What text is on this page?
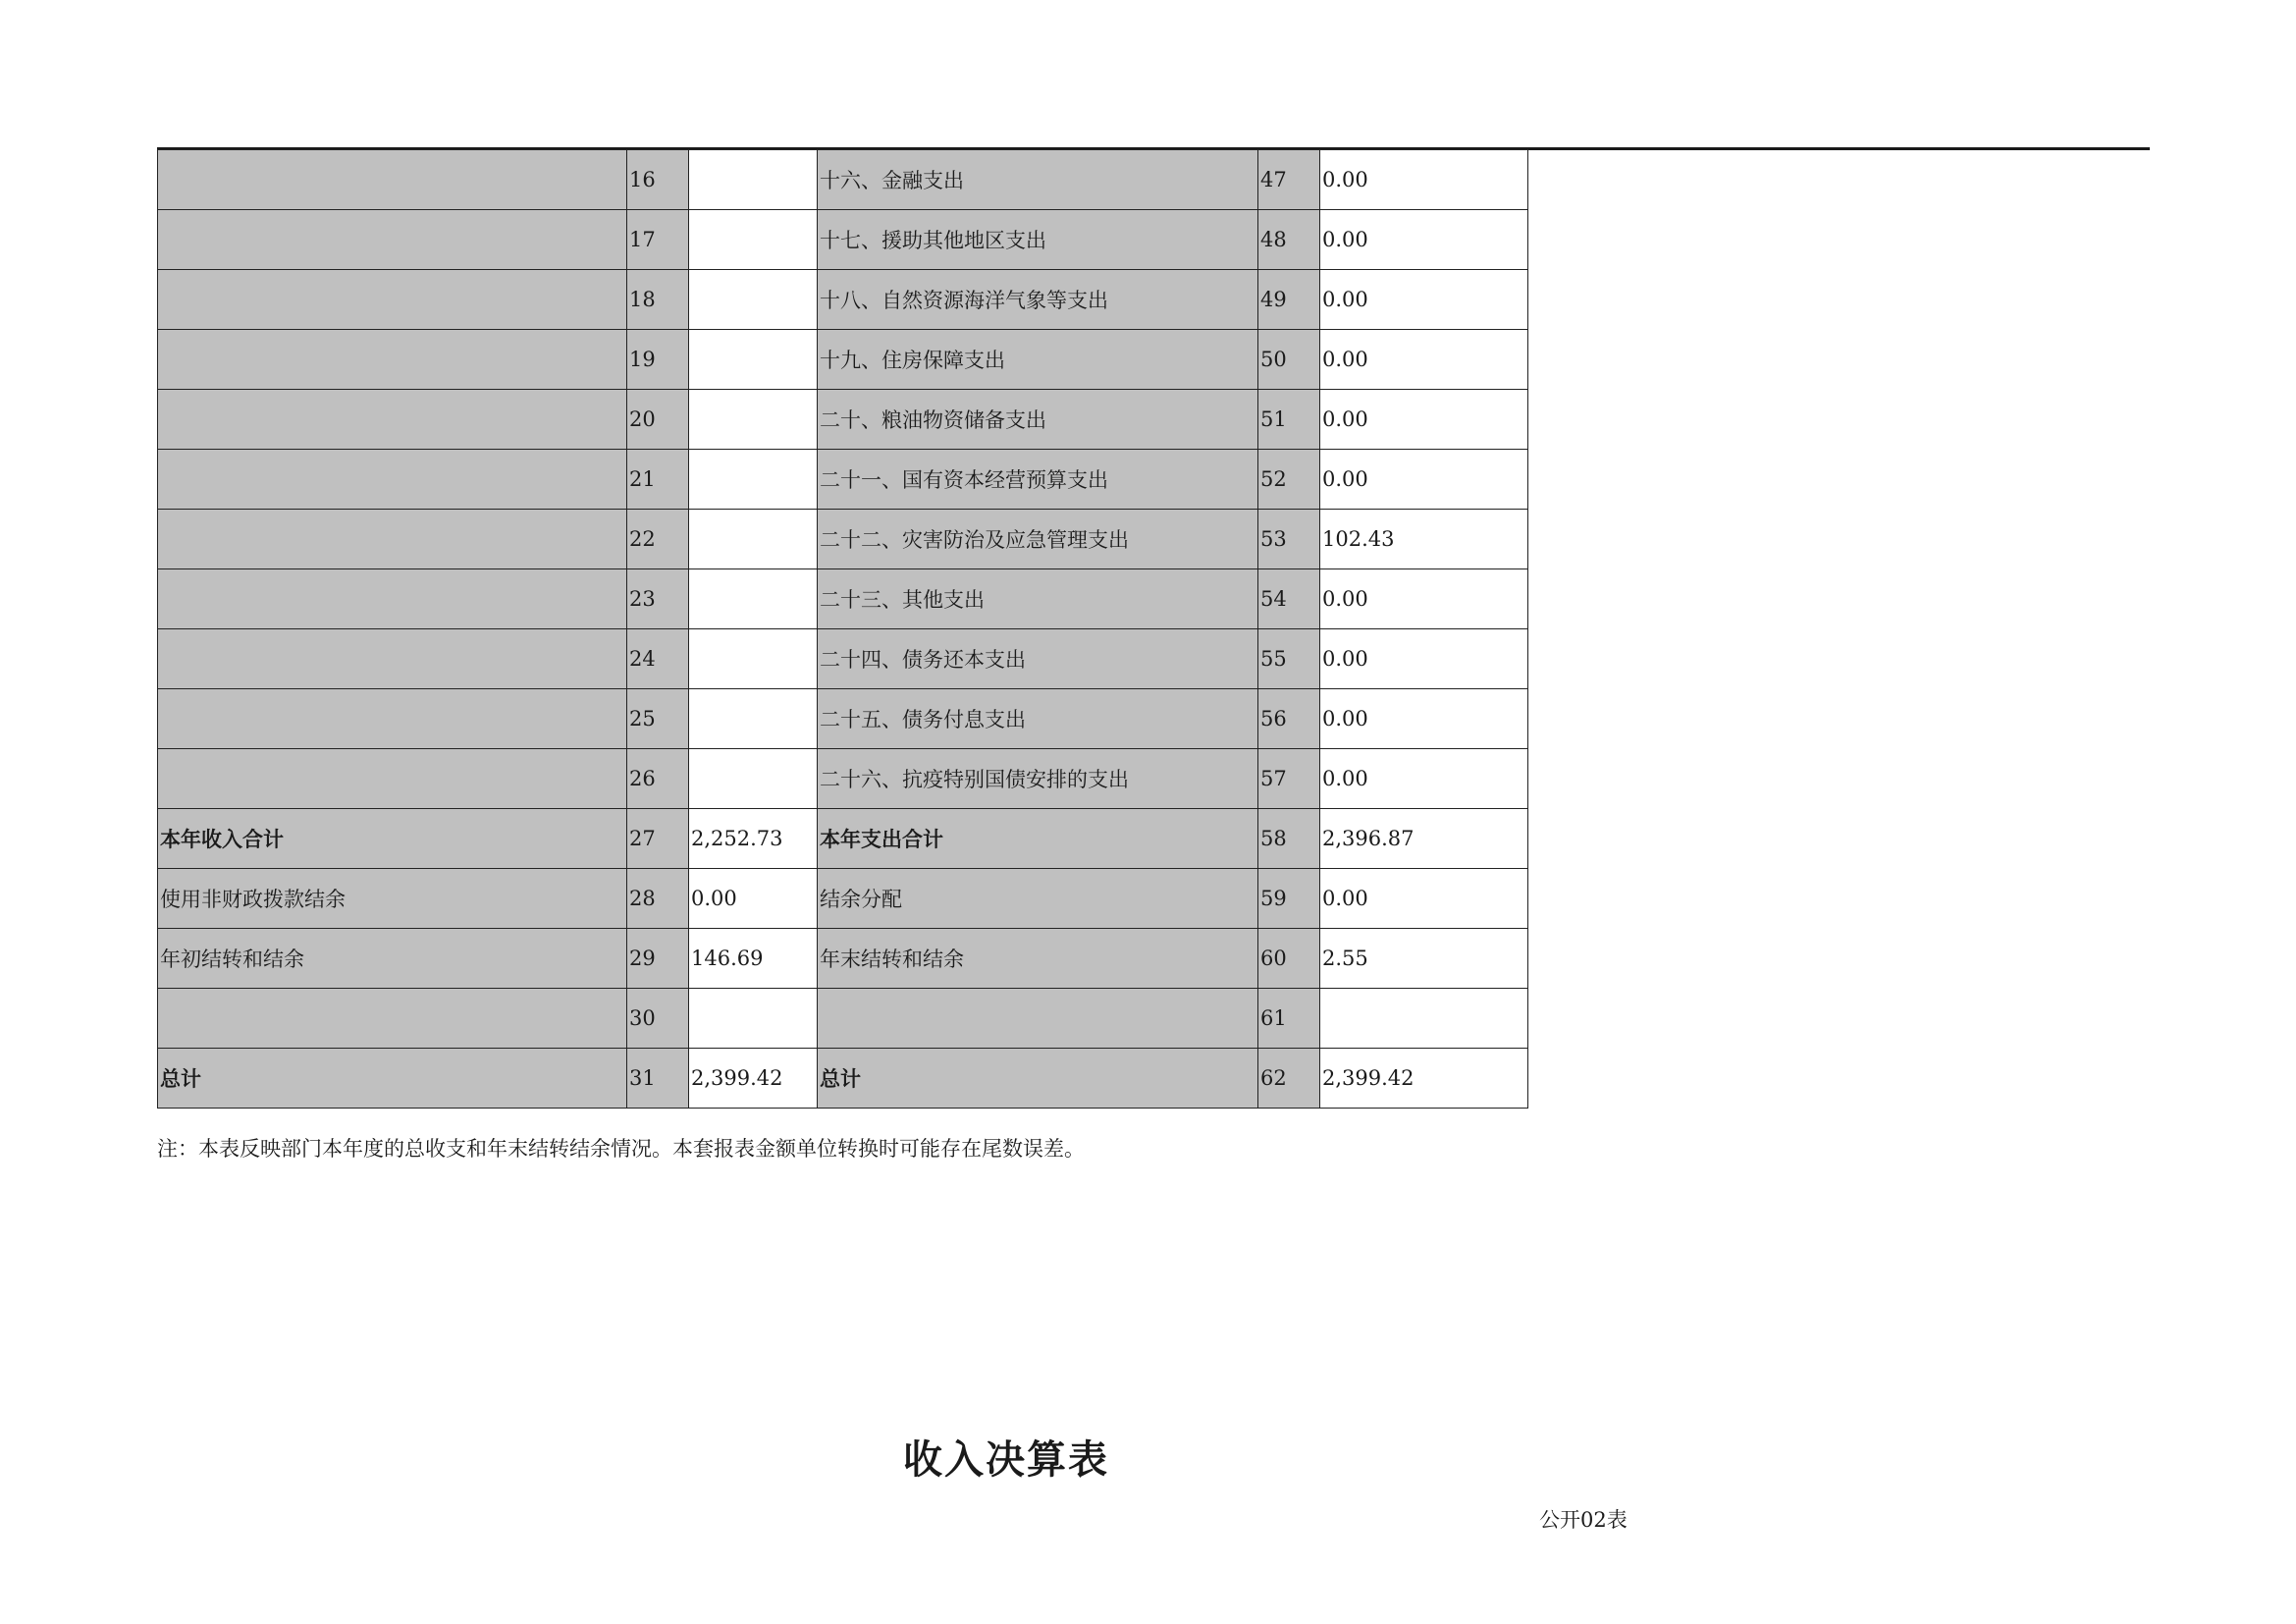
	16		十六、金融支出	47	0.00
	17		十七、援助其他地区支出	48	0.00
	18		十八、自然资源海洋气象等支出	49	0.00
	19		十九、住房保障支出	50	0.00
	20		二十、粮油物资储备支出	51	0.00
	21		二十一、国有资本经营预算支出	52	0.00
	22		二十二、灾害防治及应急管理支出	53	102.43
	23		二十三、其他支出	54	0.00
	24		二十四、债务还本支出	55	0.00
	25		二十五、债务付息支出	56	0.00
	26		二十六、抗疫特别国债安排的支出	57	0.00
本年收入合计	27	2,252.73	本年支出合计	58	2,396.87
使用非财政拨款结余	28	0.00	结余分配	59	0.00
年初结转和结余	29	146.69	年末结转和结余	60	2.55
	30			61	
总计	31	2,399.42	总计	62	2,399.42
注：本表反映部门本年度的总收支和年末结转结余情况。本套报表金额单位转换时可能存在尾数误差。
收入决算表
公开02表
